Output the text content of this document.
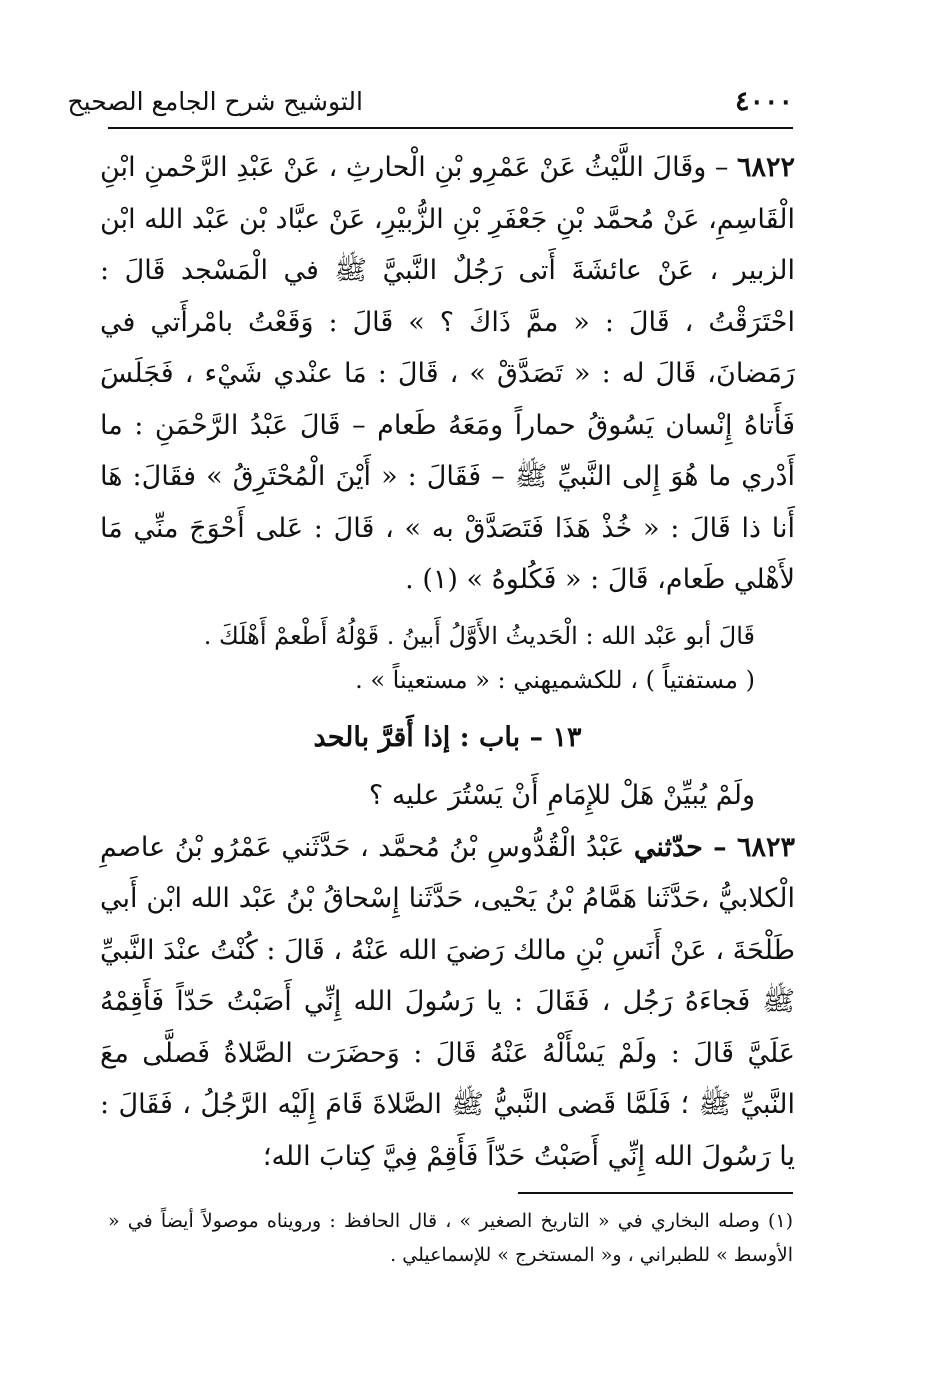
٤٠٠٠
التوشيح شرح الجامع الصحيح

٦٨٢٢ – وقَالَ اللَّيْثُ عَنْ عَمْرِو بْنِ الْحارثِ ، عَنْ عَبْدِ الرَّحْمنِ ابْنِ الْقَاسِمِ، عَنْ مُحمَّد بْنِ جَعْفَرِ بْنِ الزُّبيْرِ، عَنْ عبَّاد بْن عَبْد الله ابْن الزبير ، عَنْ عائشَةَ أَتى رَجُلٌ النَّبيَّ ﷺ في الْمَسْجد قَالَ : احْتَرَقْتُ ، قَالَ : « ممَّ ذَاكَ ؟ » قَالَ : وَقَعْتُ بامْرأَتي في رَمَضانَ، قَالَ له : « تَصَدَّقْ » ، قَالَ : مَا عنْدي شَيْء ، فَجَلَسَ فَأَتاهُ إِنْسان يَسُوقُ حماراً ومَعَهُ طَعام – قَالَ عَبْدُ الرَّحْمَنِ : ما أَدْري ما هُوَ إِلى النَّبيِّ ﷺ – فَقَالَ : « أَيْنَ الْمُحْتَرِقُ » فقَالَ: هَا أَنا ذا قَالَ : « خُذْ هَذَا فَتَصَدَّقْ به » ، قَالَ : عَلى أَحْوَجَ منِّي مَا لأَهْلي طَعام، قَالَ : « فَكُلوهُ » (١) .

قَالَ أبو عَبْد الله : الْحَديثُ الأَوَّلُ أَبينُ . قَوْلُهُ أَطْعمْ أَهْلَكَ .

( مستفتياً ) ، للكشميهني : « مستعيناً » .

١٣ – باب : إذا أَقرَّ بالحد

ولَمْ يُبيِّنْ هَلْ للإِمَامِ أَنْ يَسْتُرَ عليه ؟

٦٨٢٣ – حدّثني عَبْدُ الْقُدُّوسِ بْنُ مُحمَّد ، حَدَّثَني عَمْرُو بْنُ عاصمِ الْكلابيُّ ،حَدَّثَنا هَمَّامُ بْنُ يَحْيى، حَدَّثَنا إِسْحاقُ بْنُ عَبْد الله ابْن أَبي طَلْحَةَ ، عَنْ أَنَسِ بْنِ مالك رَضيَ الله عَنْهُ ، قَالَ : كُنْتُ عنْدَ النَّبيِّ ﷺ فَجاءَهُ رَجُل ، فَقَالَ : يا رَسُولَ الله إِنِّي أَصَبْتُ حَدّاً فَأَقِمْهُ عَلَيَّ قَالَ : ولَمْ يَسْأَلْهُ عَنْهُ قَالَ : وَحضَرَت الصَّلاةُ فَصلَّى معَ النَّبيِّ ﷺ ؛ فَلَمَّا قَضى النَّبيُّ ﷺ الصَّلاةَ قَامَ إِلَيْه الرَّجُلُ ، فَقَالَ : يا رَسُولَ الله إِنِّي أَصَبْتُ حَدّاً فَأَقِمْ فِيَّ كِتابَ الله؛

(١) وصله البخاري في « التاريخ الصغير » ، قال الحافظ : ورويناه موصولاً أيضاً في « الأوسط » للطبراني ، و« المستخرج » للإسماعيلي .
